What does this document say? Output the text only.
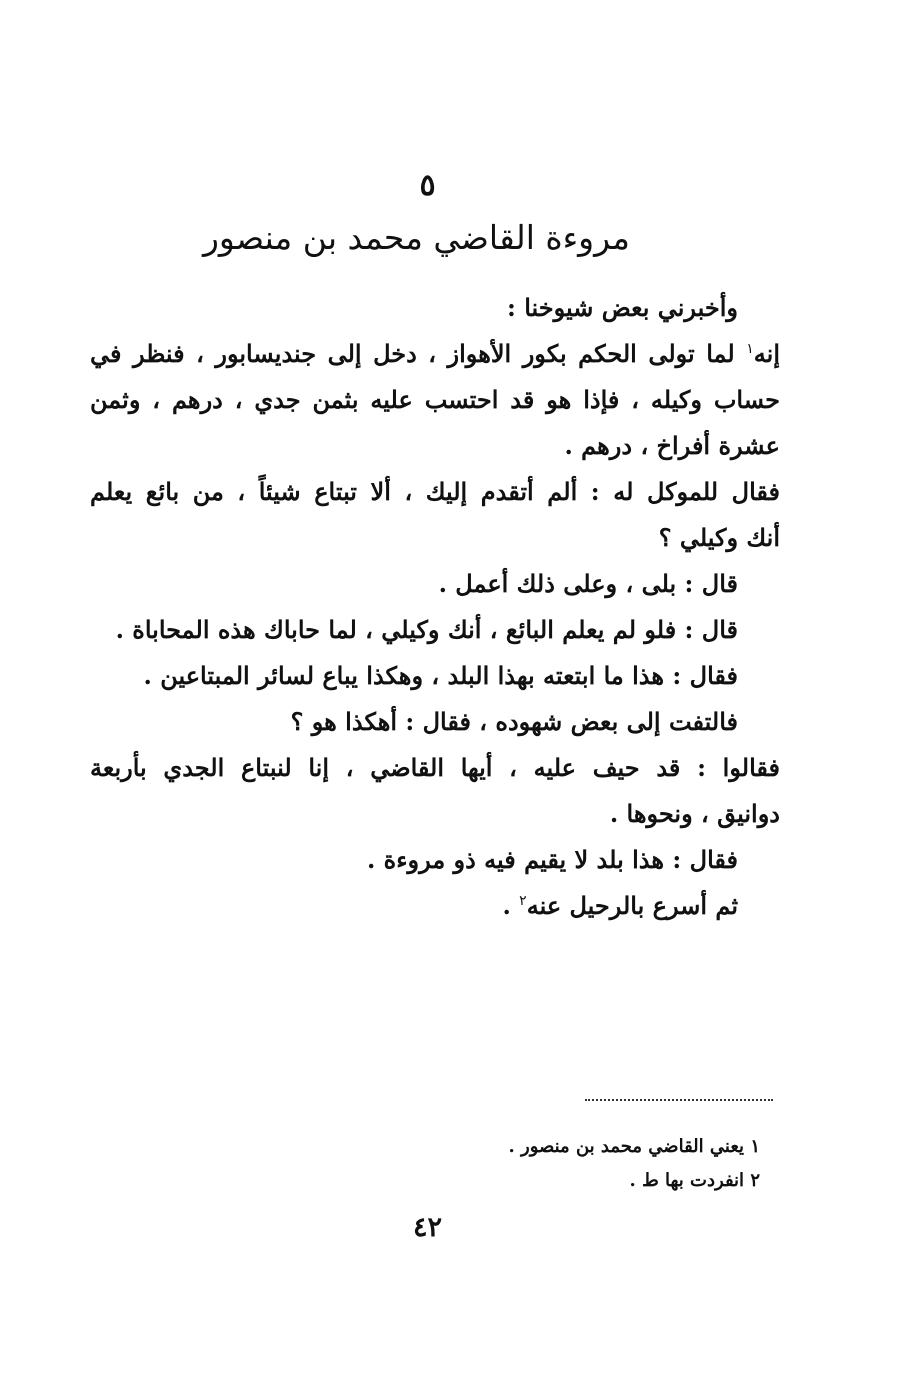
٥
مروءة القاضي محمد بن منصور
وأخبرني بعض شيوخنا :
إنه$^١$ لما تولى الحكم بكور الأهواز ، دخل إلى جنديسابور ، فنظر في
حساب وكيله ، فإذا هو قد احتسب عليه بثمن جدي ، درهم ، وثمن
عشرة أفراخ ، درهم .
فقال للموكل له : ألم أتقدم إليك ، ألا تبتاع شيئاً ، من بائع يعلم
أنك وكيلي ؟
قال : بلى ، وعلى ذلك أعمل .
قال : فلو لم يعلم البائع ، أنك وكيلي ، لما حاباك هذه المحاباة .
فقال : هذا ما ابتعته بهذا البلد ، وهكذا يباع لسائر المبتاعين .
فالتفت إلى بعض شهوده ، فقال : أهكذا هو ؟
فقالوا : قد حيف عليه ، أيها القاضي ، إنا لنبتاع الجدي بأربعة
دوانيق ، ونحوها .
فقال : هذا بلد لا يقيم فيه ذو مروءة .
ثم أسرع بالرحيل عنه$^٢$ .
١ يعني القاضي محمد بن منصور .
٢ انفردت بها ط .
٤٢
